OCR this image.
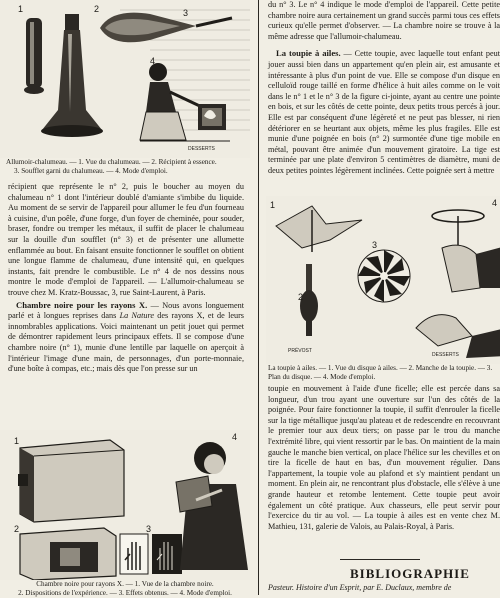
1	2	3
4
DESSERTS
Allumoir-chalumeau. — 1. Vue du chalumeau. — 2. Récipient à essence.
3. Soufflet garni du chalumeau. — 4. Mode d'emploi.

récipient que représente le n° 2, puis le boucher au moyen du chalumeau n° 1 dont l'intérieur doublé d'amiante s'imbibe du liquide. Au moment de se servir de l'appareil pour allumer le feu d'un fourneau à cuisine, d'un poêle, d'une forge, d'un foyer de cheminée, pour souder, braser, fondre ou tremper les métaux, il suffit de placer le chalumeau sur la douille d'un soufflet (n° 3) et de présenter une allumette enflammée au bout. En faisant ensuite fonctionner le soufflet on obtient une longue flamme de chalumeau, d'une intensité qui, en quelques instants, fait prendre le combustible. Le n° 4 de nos dessins nous montre le mode d'emploi de l'appareil. — L'allumoir-chalumeau se trouve chez M. Kratz-Boussac, 3, rue Saint-Laurent, à Paris.

Chambre noire pour les rayons X. — Nous avons longuement parlé et à longues reprises dans La Nature des rayons X, et de leurs innombrables applications. Voici maintenant un petit jouet qui permet de démontrer rapidement leurs principaux effets. Il se compose d'une chambre noire (n° 1), munie d'une lentille par laquelle on aperçoit à l'intérieur l'image d'une main, de personnages, d'un porte-monnaie, d'une boîte à compas, etc.; mais dès que l'on presse sur un

1
2	3
4
Chambre noire pour rayons X. — 1. Vue de la chambre noire.
2. Dispositions de l'expérience. — 3. Effets obtenus. — 4. Mode d'emploi.

du n° 3. Le n° 4 indique le mode d'emploi de l'appareil. Cette petite chambre noire aura certainement un grand succès parmi tous ces effets curieux qu'elle permet d'observer. — La chambre noire se trouve à la même adresse que l'allumoir-chalumeau.

La toupie à ailes. — Cette toupie, avec laquelle tout enfant peut jouer aussi bien dans un appartement qu'en plein air, est amusante et intéressante à plus d'un point de vue. Elle se compose d'un disque en celluloïd rouge taillé en forme d'hélice à huit ailes comme on le voit dans le n° 1 et le n° 3 de la figure ci-jointe, ayant au centre une pointe en bois, et sur les côtés de cette pointe, deux petits trous percés à jour. Elle est par conséquent d'une légèreté et ne peut pas blesser, ni rien détériorer en se heurtant aux objets, même les plus fragiles. Elle est munie d'une poignée en bois (n° 2) surmontée d'une tige mobile en métal, pouvant être animée d'un mouvement giratoire. La tige est terminée par une plate d'environ 5 centimètres de diamètre, muni de deux petites pointes légèrement inclinées. Cette poignée sert à mettre

1
2
3
4
PRÉVOST
DESSERTS
La toupie à ailes. — 1. Vue du disque à ailes. — 2. Manche de la toupie. — 3. Plan du disque. — 4. Mode d'emploi.

toupie en mouvement à l'aide d'une ficelle; elle est percée dans sa longueur, d'un trou ayant une ouverture sur l'un des côtés de la poignée. Pour faire fonctionner la toupie, il suffit d'enrouler la ficelle sur la tige métallique jusqu'au plateau et de redescendre en recouvrant le premier tour aux deux tiers; on passe par le trou du manche l'extrémité libre, qui vient ressortir par le bas. On maintient de la main gauche le manche bien vertical, on place l'hélice sur les chevilles et on tire la ficelle de haut en bas, d'un mouvement régulier. Dans l'appartement, la toupie vole au plafond et s'y maintient pendant un moment. En plein air, ne rencontrant plus d'obstacle, elle s'élève à une grande hauteur et retombe lentement. Cette toupie peut avoir également un côté pratique. Aux chasseurs, elle peut servir pour l'exercice du tir au vol. — La toupie à ailes est en vente chez M. Mathieu, 131, galerie de Valois, au Palais-Royal, à Paris.

BIBLIOGRAPHIE
Pasteur. Histoire d'un Esprit, par E. Duclaux, membre de
